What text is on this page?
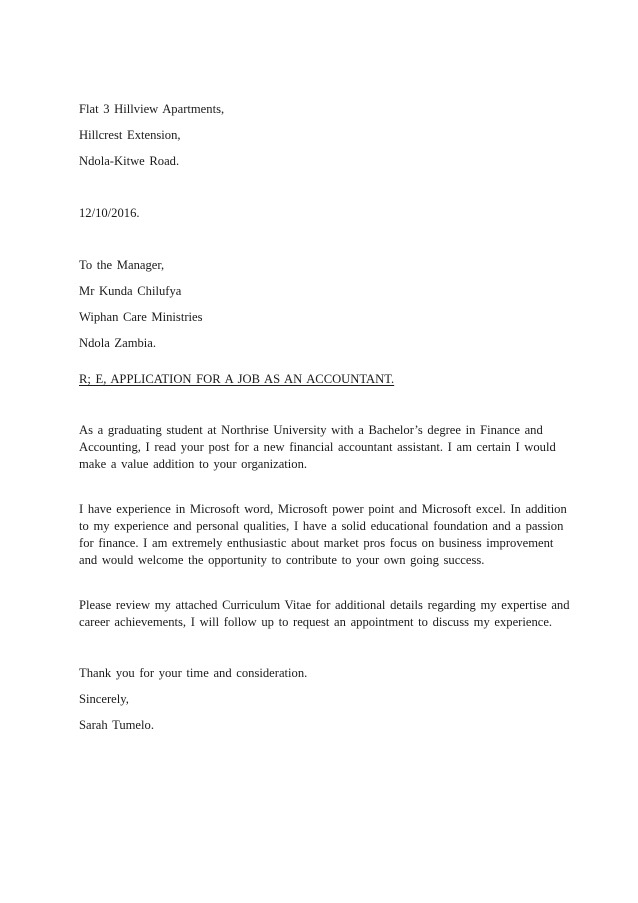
Flat 3 Hillview Apartments,
Hillcrest Extension,
Ndola-Kitwe Road.
12/10/2016.
To the Manager,
Mr Kunda Chilufya
Wiphan Care Ministries
Ndola Zambia.
R; E, APPLICATION FOR A JOB AS AN ACCOUNTANT.
As a graduating student at Northrise University with a Bachelor’s degree in Finance and
Accounting, I read your post for a new financial accountant assistant. I am certain I would
make a value addition to your organization.
I have experience in Microsoft word, Microsoft power point and Microsoft excel. In addition
to my experience and personal qualities, I have a solid educational foundation and a passion
for finance. I am extremely enthusiastic about market pros focus on business improvement
and would welcome the opportunity to contribute to your own going success.
Please review my attached Curriculum Vitae for additional details regarding my expertise and
career achievements, I will follow up to request an appointment to discuss my experience.
Thank you for your time and consideration.
Sincerely,
Sarah Tumelo.
